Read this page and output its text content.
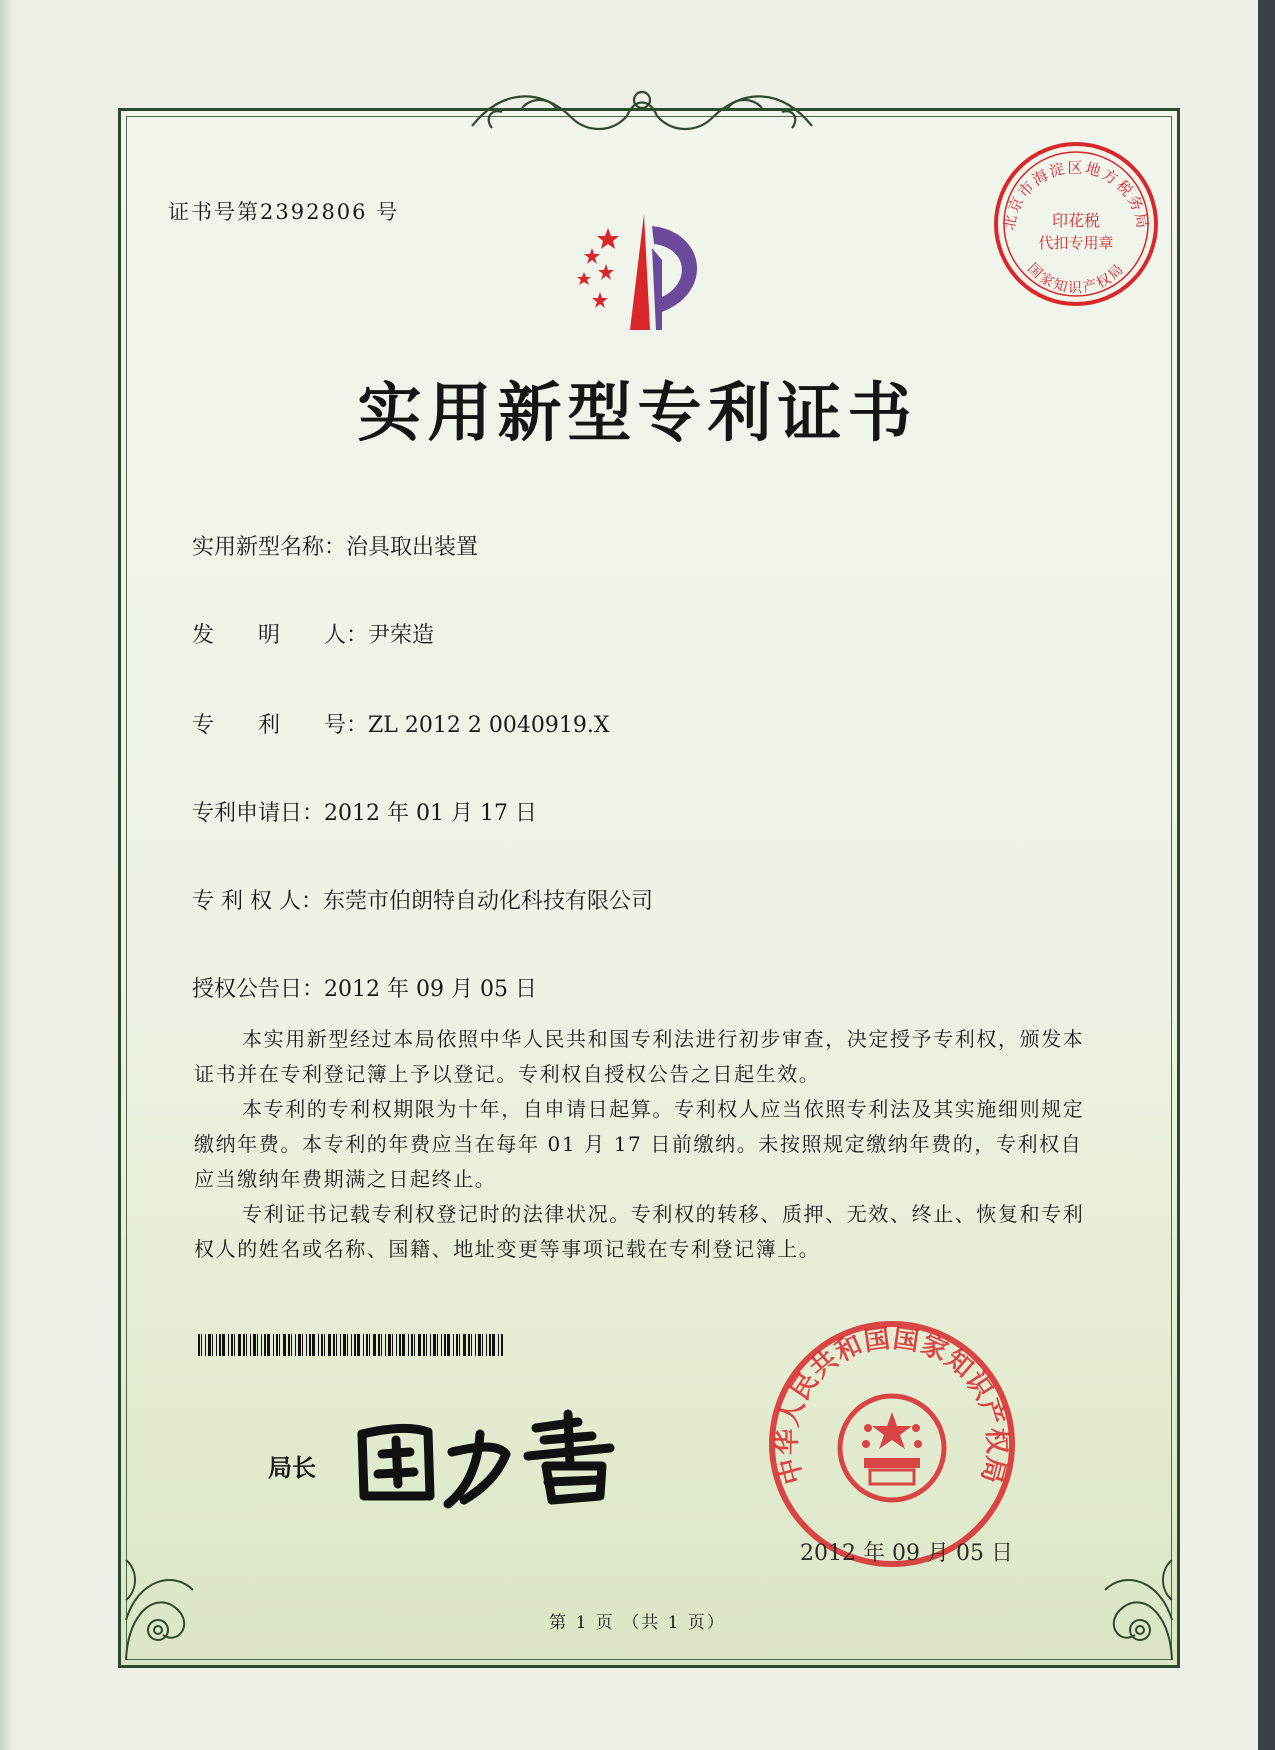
证书号第2392806 号	北京市海淀区地方税务局
国家知识产权局
印花税
代扣专用章
实用新型专利证书
实用新型名称：治具取出装置
发　　明　　人：尹荣造
专　　利　　号：ZL 2012 2 0040919.X
专利申请日：2012 年 01 月 17 日
专 利 权 人：东莞市伯朗特自动化科技有限公司
授权公告日：2012 年 09 月 05 日

本实用新型经过本局依照中华人民共和国专利法进行初步审查，决定授予专利权，颁发本证书并在专利登记簿上予以登记。专利权自授权公告之日起生效。

本专利的专利权期限为十年，自申请日起算。专利权人应当依照专利法及其实施细则规定缴纳年费。本专利的年费应当在每年 01 月 17 日前缴纳。未按照规定缴纳年费的，专利权自应当缴纳年费期满之日起终止。

专利证书记载专利权登记时的法律状况。专利权的转移、质押、无效、终止、恢复和专利权人的姓名或名称、国籍、地址变更等事项记载在专利登记簿上。

局长	中华人民共和国国家知识产权局
2012 年 09 月 05 日
第 1 页 （共 1 页）
